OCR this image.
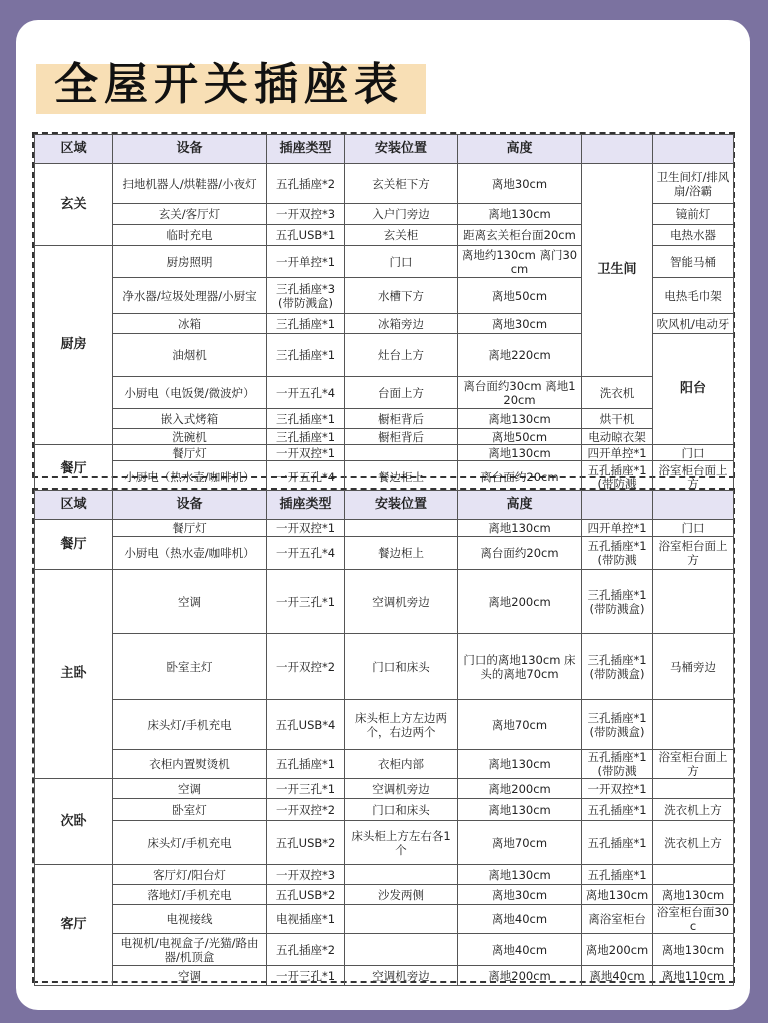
全屋开关插座表
区域	设备	插座类型	安装位置	高度			
玄关	扫地机器人/烘鞋器/小夜灯	五孔插座*2	玄关柜下方	离地30cm	卫生间	卫生间灯/排风扇/浴霸	
	玄关/客厅灯	一开双控*3	入户门旁边	离地130cm		镜前灯	
	临时充电	五孔USB*1	玄关柜	距离玄关柜台面20cm		电热水器	
厨房	厨房照明	一开单控*1	门口	离地约130cm 离门30cm		智能马桶	
	净水器/垃圾处理器/小厨宝	三孔插座*3 (带防溅盒)	水槽下方	离地50cm		电热毛巾架	
	冰箱	三孔插座*1	冰箱旁边	离地30cm		吹风机/电动牙	
	油烟机	三孔插座*1	灶台上方	离地220cm		阳台	
	小厨电（电饭煲/微波炉）	一开五孔*4	台面上方	离台面约30cm 离地120cm	洗衣机		
	嵌入式烤箱	三孔插座*1	橱柜背后	离地130cm	烘干机		
	洗碗机	三孔插座*1	橱柜背后	离地50cm	电动晾衣架		
餐厅	餐厅灯	一开双控*1		离地130cm	四开单控*1	门口	
	小厨电（热水壶/咖啡机）	一开五孔*4	餐边柜上	离台面约20cm	五孔插座*1 (带防溅	浴室柜台面上方	
区域	设备	插座类型	安装位置	高度		
餐厅	餐厅灯	一开双控*1		离地130cm	四开单控*1	门口
	小厨电（热水壶/咖啡机）	一开五孔*4	餐边柜上	离台面约20cm	五孔插座*1 (带防溅	浴室柜台面上方
主卧	空调	一开三孔*1	空调机旁边	离地200cm	三孔插座*1 (带防溅盒)	
	卧室主灯	一开双控*2	门口和床头	门口的离地130cm 床头的离地70cm	三孔插座*1 (带防溅盒)	马桶旁边
	床头灯/手机充电	五孔USB*4	床头柜上方左边两个，右边两个	离地70cm	三孔插座*1 (带防溅盒)	
	衣柜内置熨烫机	五孔插座*1	衣柜内部	离地130cm	五孔插座*1 (带防溅	浴室柜台面上方
次卧	空调	一开三孔*1	空调机旁边	离地200cm	一开双控*1	
	卧室灯	一开双控*2	门口和床头	离地130cm	五孔插座*1	洗衣机上方
	床头灯/手机充电	五孔USB*2	床头柜上方左右各1个	离地70cm	五孔插座*1	洗衣机上方
客厅	客厅灯/阳台灯	一开双控*3		离地130cm	五孔插座*1	
	落地灯/手机充电	五孔USB*2	沙发两侧	离地30cm	离地130cm	离地130cm
	电视接线	电视插座*1		离地40cm	离浴室柜台	浴室柜台面30c
	电视机/电视盒子/光猫/路由器/机顶盒	五孔插座*2		离地40cm	离地200cm	离地130cm
	空调	一开三孔*1	空调机旁边	离地200cm	离地40cm	离地110cm
